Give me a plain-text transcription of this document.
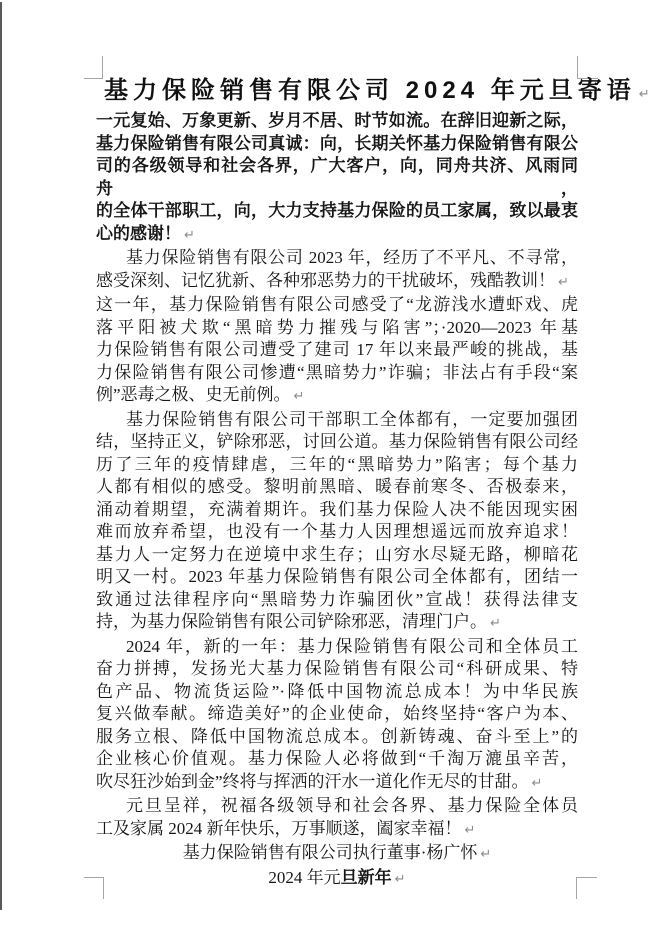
基力保险销售有限公司 2024 年元旦寄语 ↵
一元复始、万象更新、岁月不居、时节如流。在辞旧迎新之际，
基力保险销售有限公司真诚：向，长期关怀基力保险销售有限公
司的各级领导和社会各界，广大客户，向，同舟共济、风雨同舟，
的全体干部职工，向，大力支持基力保险的员工家属，致以最衷
心的感谢！ ↵
基力保险销售有限公司 2023 年，经历了不平凡、不寻常，
感受深刻、记忆犹新、各种邪恶势力的干扰破坏，残酷教训！ ↵
这一年，基力保险销售有限公司感受了“龙游浅水遭虾戏、虎
落平阳被犬欺“黑暗势力摧残与陷害”；·2020—2023 年基
力保险销售有限公司遭受了建司 17 年以来最严峻的挑战，基
力保险销售有限公司惨遭“黑暗势力”诈骗；非法占有手段“案
例”恶毒之极、史无前例。 ↵
基力保险销售有限公司干部职工全体都有，一定要加强团
结，坚持正义，铲除邪恶，讨回公道。基力保险销售有限公司经
历了三年的疫情肆虐，三年的“黑暗势力”陷害；每个基力
人都有相似的感受。黎明前黑暗、暖春前寒冬、否极泰来，
涌动着期望，充满着期许。我们基力保险人决不能因现实困
难而放弃希望，也没有一个基力人因理想遥远而放弃追求！
基力人一定努力在逆境中求生存；山穷水尽疑无路，柳暗花
明又一村。2023 年基力保险销售有限公司全体都有，团结一
致通过法律程序向“黑暗势力诈骗团伙”宣战！获得法律支
持，为基力保险销售有限公司铲除邪恶，清理门户。 ↵
2024 年，新的一年：基力保险销售有限公司和全体员工
奋力拼搏，发扬光大基力保险销售有限公司“科研成果、特
色产品、物流货运险”·降低中国物流总成本！为中华民族
复兴做奉献。缔造美好”的企业使命，始终坚持“客户为本、
服务立根、降低中国物流总成本。创新铸魂、奋斗至上”的
企业核心价值观。基力保险人必将做到“千淘万漉虽辛苦，
吹尽狂沙始到金”终将与挥洒的汗水一道化作无尽的甘甜。 ↵
元旦呈祥，祝福各级领导和社会各界、基力保险全体员
工及家属 2024 新年快乐，万事顺遂，阖家幸福！ ↵
基力保险销售有限公司执行董事·杨广怀 ↵
2024 年元旦新年 ↵
